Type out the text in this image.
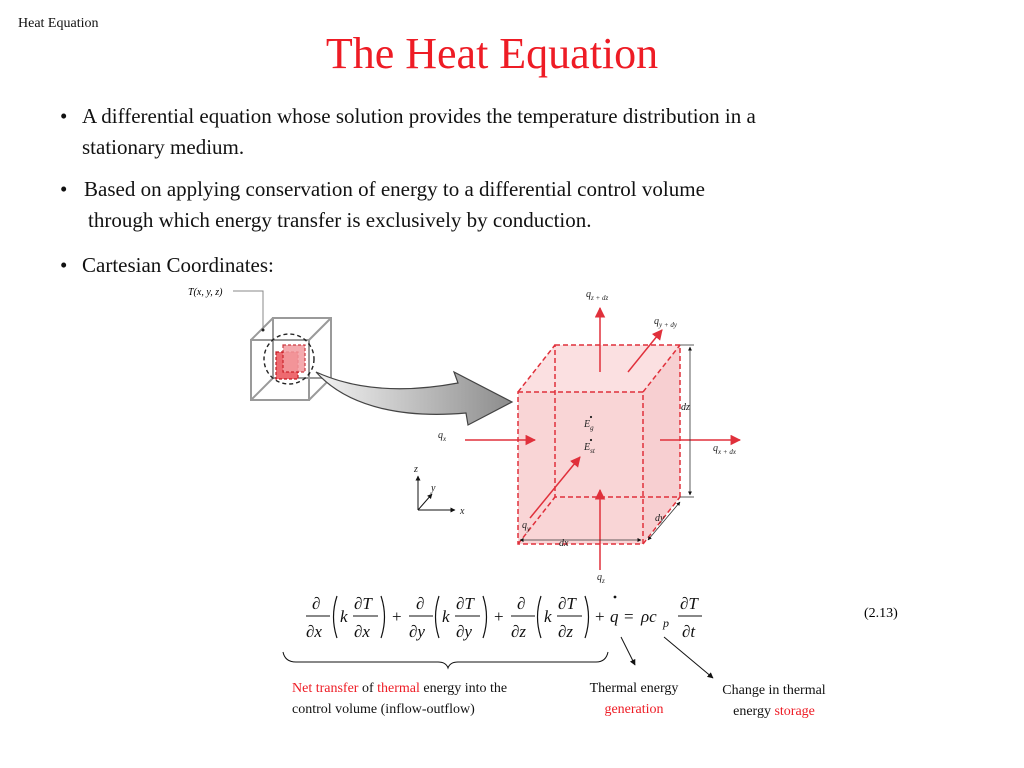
Heat Equation
The Heat Equation
• A differential equation whose solution provides the temperature distribution in a
stationary medium.
• Based on applying conservation of energy to a differential control volume
through which energy transfer is exclusively by conduction.
• Cartesian Coordinates:
T(x, y, z)	$q_{z + dz}$
$q_{y + dy}$
$q_x$
$q_{x + dx}$
$q_y$
$q_z$
$E_g$
$E_{st}$
dz
dy
dx
z
x
y
∂
∂x
k
∂T
∂x
+
∂
∂y
k
∂T
∂y
+
∂
∂z
k
∂T
∂z
+ q = ρc p
∂T
∂t
(2.13)
Net transfer of thermal energy into the
control volume (inflow-outflow)
Thermal energy
generation
Change in thermal
energy storage
